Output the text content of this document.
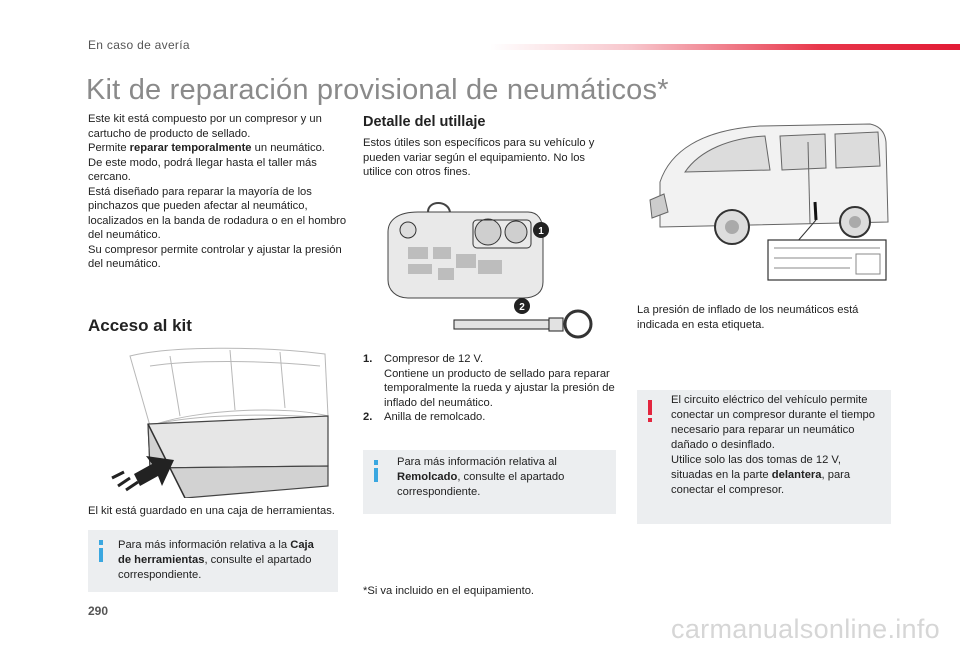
En caso de avería
Kit de reparación provisional de neumáticos*
Este kit está compuesto por un compresor y un cartucho de producto de sellado.
Permite reparar temporalmente un neumático.
De este modo, podrá llegar hasta el taller más cercano.
Está diseñado para reparar la mayoría de los pinchazos que pueden afectar al neumático, localizados en la banda de rodadura o en el hombro del neumático.
Su compresor permite controlar y ajustar la presión del neumático.
Acceso al kit
El kit está guardado en una caja de herramientas.
Para más información relativa a la Caja de herramientas, consulte el apartado correspondiente.
Detalle del utillaje
Estos útiles son específicos para su vehículo y pueden variar según el equipamiento. No los utilice con otros fines.
1
2
1. Compresor de 12 V.
Contiene un producto de sellado para reparar temporalmente la rueda y ajustar la presión de inflado del neumático.
2. Anilla de remolcado.
Para más información relativa al Remolcado, consulte el apartado correspondiente.
*Si va incluido en el equipamiento.
La presión de inflado de los neumáticos está indicada en esta etiqueta.
El circuito eléctrico del vehículo permite conectar un compresor durante el tiempo necesario para reparar un neumático dañado o desinflado.
Utilice solo las dos tomas de 12 V, situadas en la parte delantera, para conectar el compresor.
290
carmanualsonline.info
